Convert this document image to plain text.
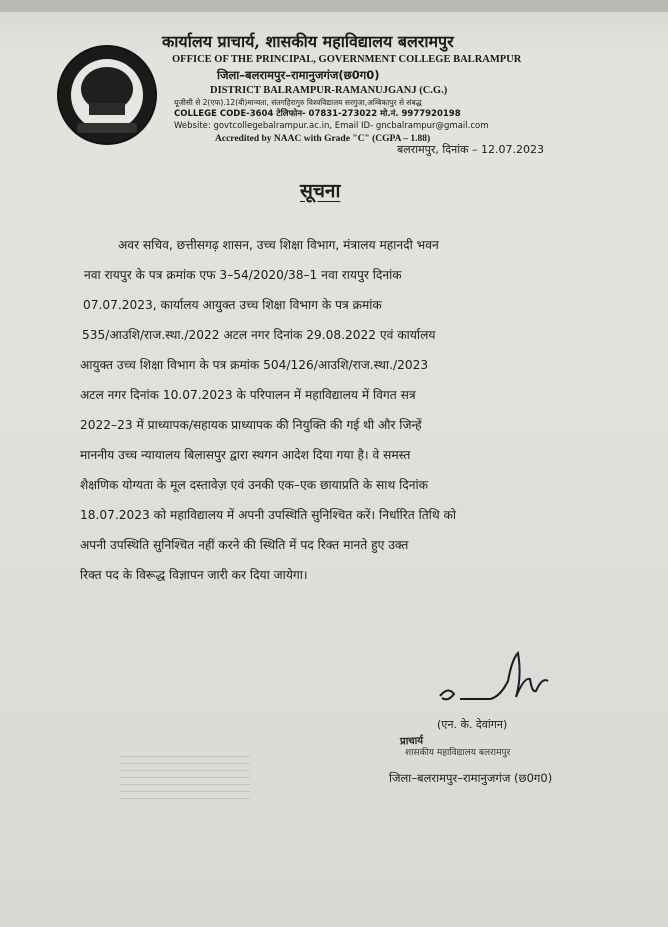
कार्यालय प्राचार्य, शासकीय महाविद्यालय बलरामपुर
OFFICE OF THE PRINCIPAL, GOVERNMENT COLLEGE BALRAMPUR
जिला–बलरामपुर–रामानुजगंज(छ0ग0)
DISTRICT BALRAMPUR-RAMANUJGANJ (C.G.)
यूजीसी से 2(एफ).12(बी)मान्यता, संतगहिरागुरु विश्वविद्यालय सरगुजा,अम्बिकापुर से संबद्ध
COLLEGE CODE-3604 टेलिफोन- 07831-273022 मो.नं. 9977920198
Website: govtcollegebalrampur.ac.in, Email ID- gncbalrampur@gmail.com
Accredited by NAAC with Grade "C" (CGPA – 1.88)
बलरामपुर, दिनांक – 12.07.2023
सूचना
अवर सचिव, छत्तीसगढ़ शासन, उच्च शिक्षा विभाग, मंत्रालय महानदी भवन
नवा रायपुर के पत्र क्रमांक एफ 3–54/2020/38–1 नवा रायपुर दिनांक
07.07.2023, कार्यालय आयुक्त उच्च शिक्षा विभाग के पत्र क्रमांक
535/आउशि/राज.स्था./2022 अटल नगर दिनांक 29.08.2022 एवं कार्यालय
आयुक्त उच्च शिक्षा विभाग के पत्र क्रमांक 504/126/आउशि/राज.स्था./2023
अटल नगर दिनांक 10.07.2023 के परिपालन में महाविद्यालय में विगत सत्र
2022–23 में प्राध्यापक/सहायक प्राध्यापक की नियुक्ति की गई थी और जिन्हें
माननीय उच्च न्यायालय बिलासपुर द्वारा स्थगन आदेश दिया गया है। वे समस्त
शैक्षणिक योग्यता के मूल दस्तावेज़ एवं उनकी एक–एक छायाप्रति के साथ दिनांक
18.07.2023 को महाविद्यालय में अपनी उपस्थिति सुनिश्चित करें। निर्धारित तिथि को
अपनी उपस्थिति सुनिश्चित नहीं करने की स्थिति में पद रिक्त मानते हुए उक्त
रिक्त पद के विरूद्ध विज्ञापन जारी कर दिया जायेगा।
(एन. के. देवांगन)
प्राचार्य
शासकीय महाविद्यालय बलरामपुर
जिला–बलरामपुर–रामानुजगंज (छ0ग0)
